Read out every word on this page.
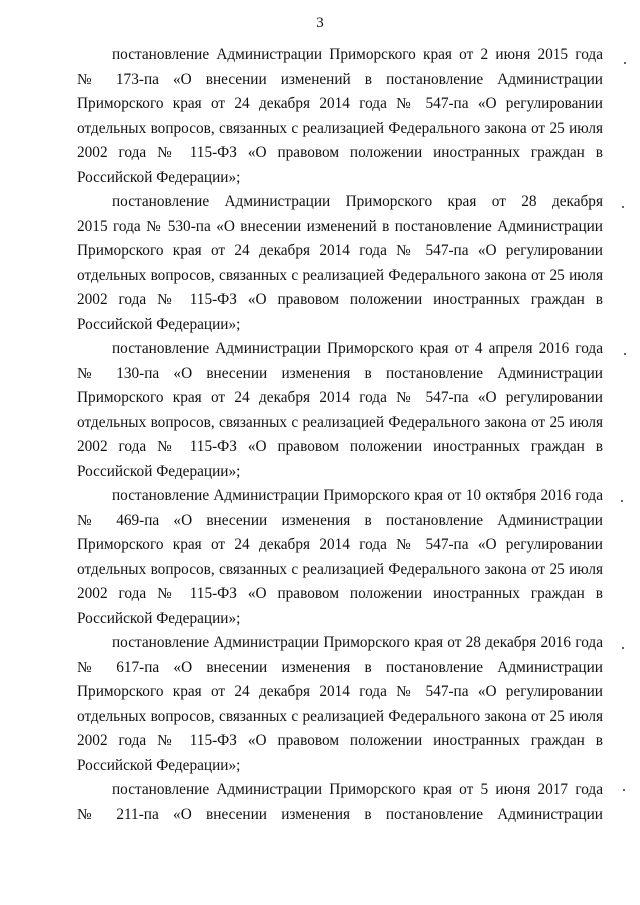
3
постановление Администрации Приморского края от 2 июня 2015 года
№ 173-па «О внесении изменений в постановление Администрации
Приморского края от 24 декабря 2014 года № 547-па «О регулировании
отдельных вопросов, связанных с реализацией Федерального закона от 25 июля
2002 года № 115-ФЗ «О правовом положении иностранных граждан в
Российской Федерации»;
постановление Администрации Приморского края от 28 декабря
2015 года № 530-па «О внесении изменений в постановление Администрации
Приморского края от 24 декабря 2014 года № 547-па «О регулировании
отдельных вопросов, связанных с реализацией Федерального закона от 25 июля
2002 года № 115-ФЗ «О правовом положении иностранных граждан в
Российской Федерации»;
постановление Администрации Приморского края от 4 апреля 2016 года
№ 130-па «О внесении изменения в постановление Администрации
Приморского края от 24 декабря 2014 года № 547-па «О регулировании
отдельных вопросов, связанных с реализацией Федерального закона от 25 июля
2002 года № 115-ФЗ «О правовом положении иностранных граждан в
Российской Федерации»;
постановление Администрации Приморского края от 10 октября 2016 года
№ 469-па «О внесении изменения в постановление Администрации
Приморского края от 24 декабря 2014 года № 547-па «О регулировании
отдельных вопросов, связанных с реализацией Федерального закона от 25 июля
2002 года № 115-ФЗ «О правовом положении иностранных граждан в
Российской Федерации»;
постановление Администрации Приморского края от 28 декабря 2016 года
№ 617-па «О внесении изменения в постановление Администрации
Приморского края от 24 декабря 2014 года № 547-па «О регулировании
отдельных вопросов, связанных с реализацией Федерального закона от 25 июля
2002 года № 115-ФЗ «О правовом положении иностранных граждан в
Российской Федерации»;
постановление Администрации Приморского края от 5 июня 2017 года
№ 211-па «О внесении изменения в постановление Администрации
